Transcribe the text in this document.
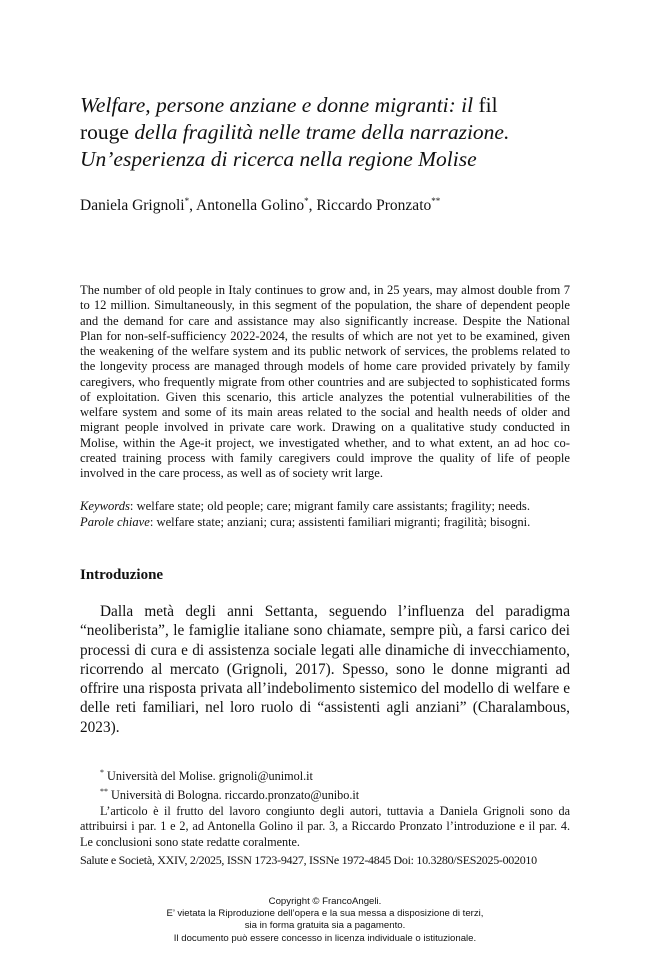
Welfare, persone anziane e donne migranti: il fil
rouge della fragilità nelle trame della narrazione.
Un’esperienza di ricerca nella regione Molise
Daniela Grignoli*, Antonella Golino*, Riccardo Pronzato**

The number of old people in Italy continues to grow and, in 25 years, may almost double from 7 to 12 million. Simultaneously, in this segment of the population, the share of dependent people and the demand for care and assistance may also significantly increase. Despite the National Plan for non-self-sufficiency 2022-2024, the results of which are not yet to be examined, given the weakening of the welfare system and its public network of services, the problems related to the longevity process are managed through models of home care provided privately by family caregivers, who frequently migrate from other countries and are subjected to sophisticated forms of exploitation. Given this scenario, this article analyzes the potential vulnerabilities of the welfare system and some of its main areas related to the social and health needs of older and migrant people involved in private care work. Drawing on a qualitative study conducted in Molise, within the Age-it project, we investigated whether, and to what extent, an ad hoc co-created training process with family caregivers could improve the quality of life of people involved in the care process, as well as of society writ large.

Keywords: welfare state; old people; care; migrant family care assistants; fragility; needs.
Parole chiave: welfare state; anziani; cura; assistenti familiari migranti; fragilità; bisogni.
Introduzione

Dalla metà degli anni Settanta, seguendo l’influenza del paradigma “neoliberista”, le famiglie italiane sono chiamate, sempre più, a farsi carico dei processi di cura e di assistenza sociale legati alle dinamiche di invecchiamento, ricorrendo al mercato (Grignoli, 2017). Spesso, sono le donne migranti ad offrire una risposta privata all’indebolimento sistemico del modello di welfare e delle reti familiari, nel loro ruolo di “assistenti agli anziani” (Charalambous, 2023).

* Università del Molise. grignoli@unimol.it

** Università di Bologna. riccardo.pronzato@unibo.it

L’articolo è il frutto del lavoro congiunto degli autori, tuttavia a Daniela Grignoli sono da attribuirsi i par. 1 e 2, ad Antonella Golino il par. 3, a Riccardo Pronzato l’introduzione e il par. 4. Le conclusioni sono state redatte coralmente.

Salute e Società, XXIV, 2/2025, ISSN 1723-9427, ISSNe 1972-4845 Doi: 10.3280/SES2025-002010
Copyright © FrancoAngeli.
E’ vietata la Riproduzione dell’opera e la sua messa a disposizione di terzi,
sia in forma gratuita sia a pagamento.
Il documento può essere concesso in licenza individuale o istituzionale.
